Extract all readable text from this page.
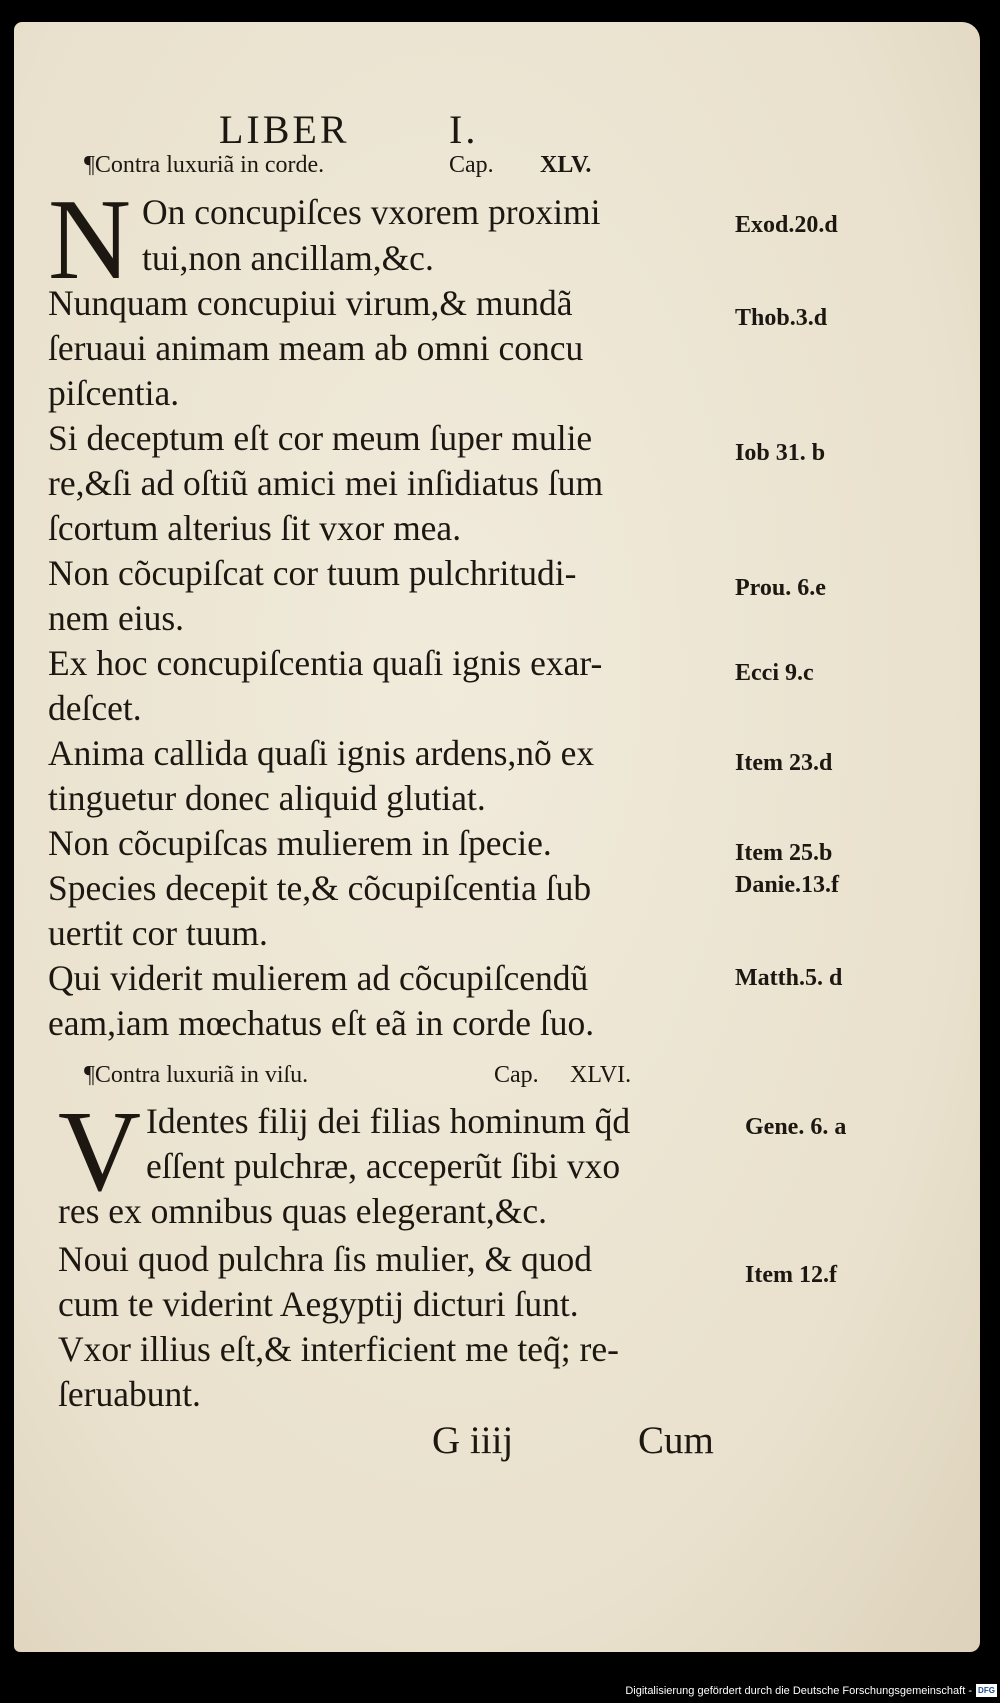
LIBER I.
¶Contra luxuriã in corde.	Cap. XLV.
N On concupiſces vxorem proximi
tui,non ancillam,&c.
Nunquam concupiui virum,& mundã
ſeruaui animam meam ab omni concu
piſcentia.
Si deceptum eſt cor meum ſuper mulie
re,&ſi ad oſtiũ amici mei inſidiatus ſum
ſcortum alterius ſit vxor mea.
Non cõcupiſcat cor tuum pulchritudi-
nem eius.
Ex hoc concupiſcentia quaſi ignis exar-
deſcet.
Anima callida quaſi ignis ardens,nõ ex
tinguetur donec aliquid glutiat.
Non cõcupiſcas mulierem in ſpecie.
Species decepit te,& cõcupiſcentia ſub
uertit cor tuum.
Qui viderit mulierem ad cõcupiſcendũ
eam,iam mœchatus eſt eã in corde ſuo.
Exod.20.d
Thob.3.d
Iob 31. b
Prou. 6.e
Ecci 9.c
Item 23.d
Item 25.b
Danie.13.f
Matth.5. d
¶Contra luxuriã in viſu.	Cap. XLVI.
V Identes filij dei filias hominum q̃d
eſſent pulchræ, acceperũt ſibi vxo
res ex omnibus quas elegerant,&c.
Noui quod pulchra ſis mulier, & quod
cum te viderint Aegyptij dicturi ſunt.
Vxor illius eſt,& interficient me teq̃; re-
ſeruabunt.
Gene. 6. a
Item 12.f
G iiij	Cum
Digitalisierung gefördert durch die Deutsche Forschungsgemeinschaft - DFG
